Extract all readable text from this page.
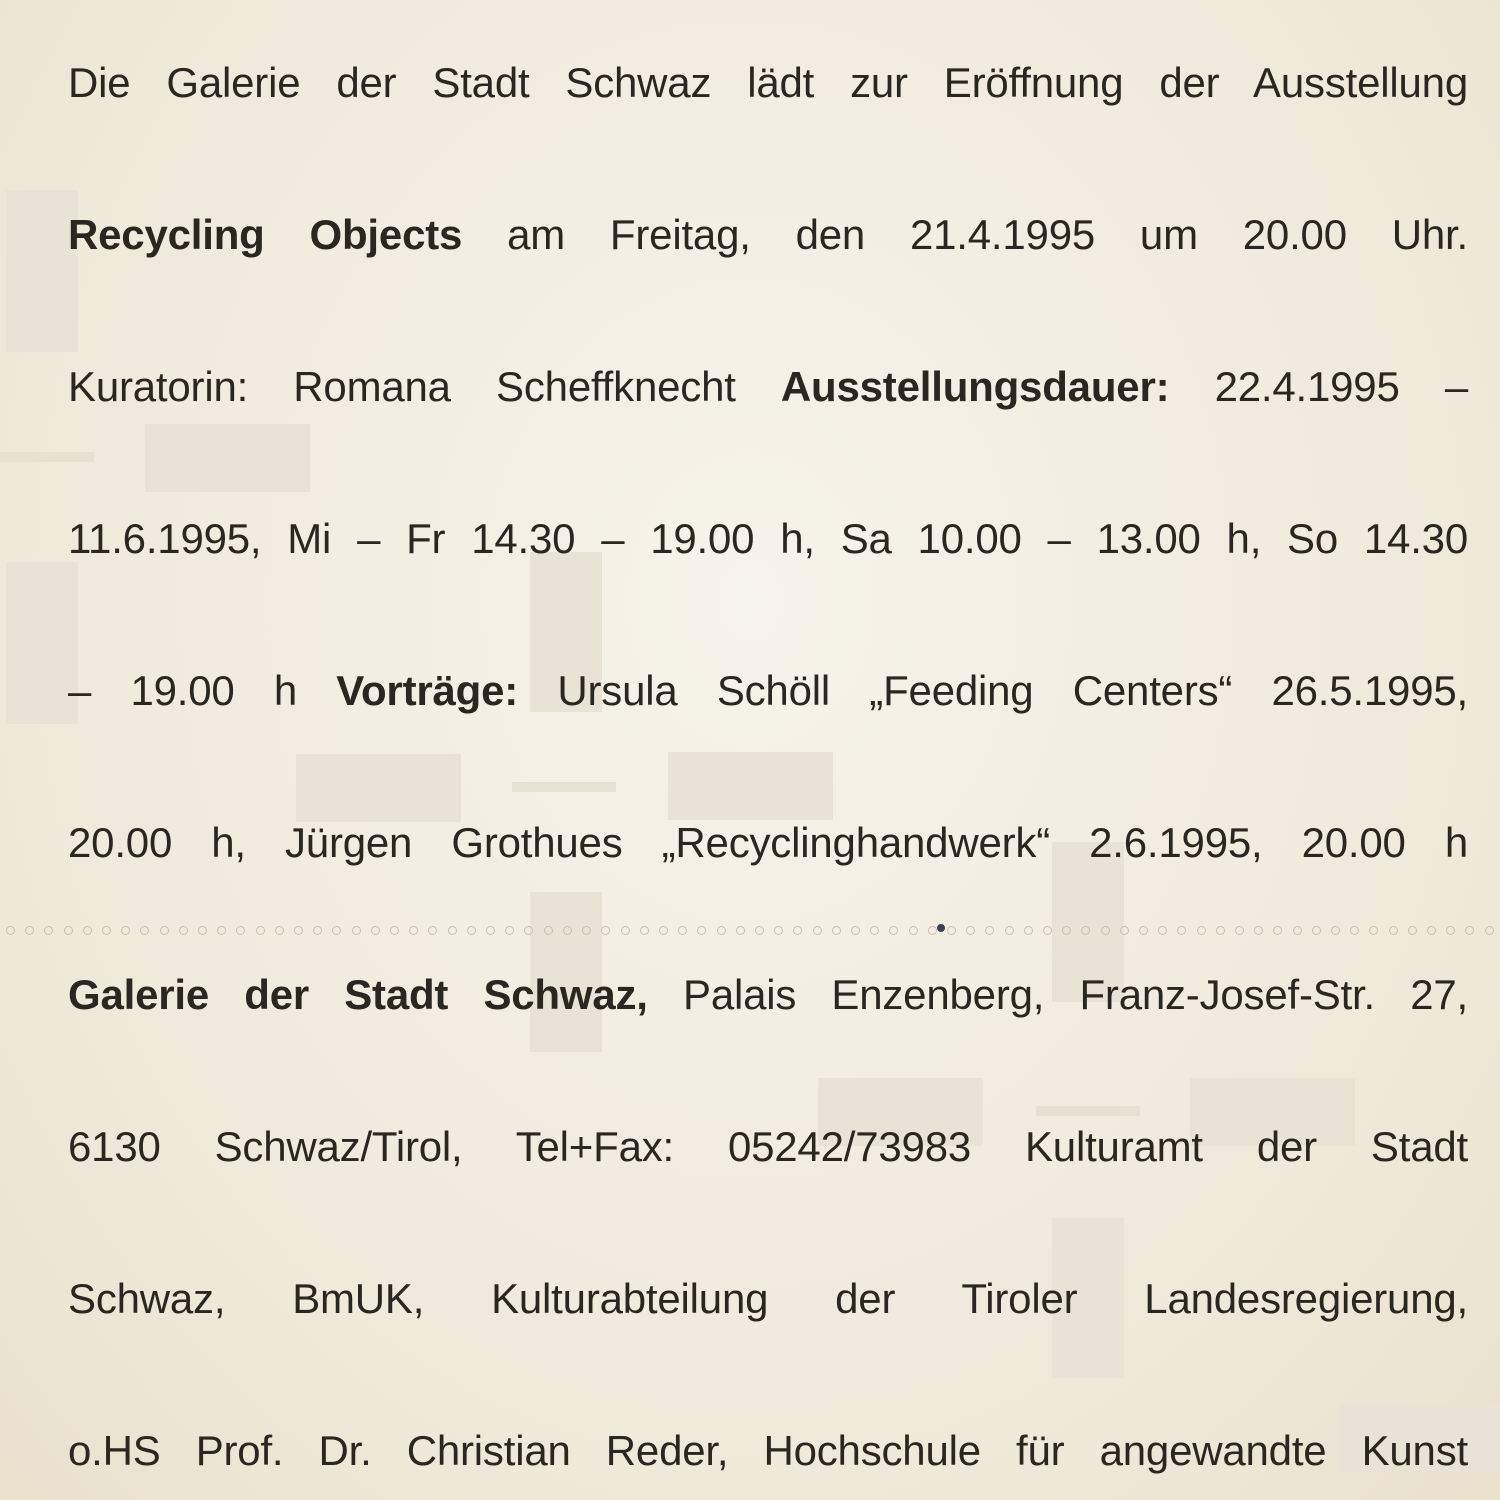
Die Galerie der Stadt Schwaz lädt zur Eröffnung der Ausstellung
Recycling Objects am Freitag, den 21.4.1995 um 20.00 Uhr.
Kuratorin: Romana Scheffknecht Ausstellungsdauer: 22.4.1995 –
11.6.1995, Mi – Fr 14.30 – 19.00 h, Sa 10.00 – 13.00 h, So 14.30
– 19.00 h Vorträge: Ursula Schöll „Feeding Centers“ 26.5.1995,
20.00 h, Jürgen Grothues „Recyclinghandwerk“ 2.6.1995, 20.00 h
Galerie der Stadt Schwaz, Palais Enzenberg, Franz-Josef-Str. 27,
6130 Schwaz/Tirol, Tel+Fax: 05242/73983 Kulturamt der Stadt
Schwaz, BmUK, Kulturabteilung der Tiroler Landesregierung,
o.HS Prof. Dr. Christian Reder, Hochschule für angewandte Kunst
